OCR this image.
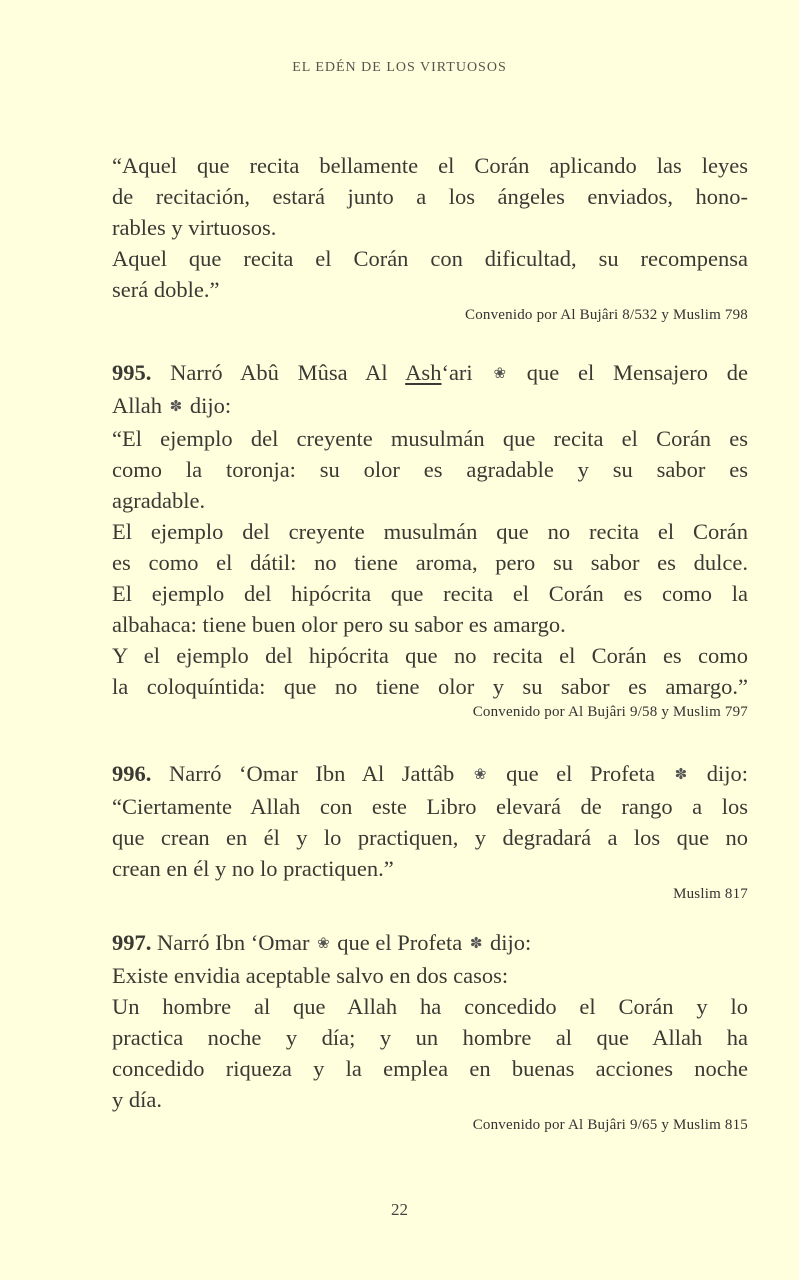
EL EDÉN DE LOS VIRTUOSOS
“Aquel que recita bellamente el Corán aplicando las leyes
de recitación, estará junto a los ángeles enviados, hono-
rables y virtuosos.
Aquel que recita el Corán con dificultad, su recompensa
será doble.”
Convenido por Al Bujâri 8/532 y Muslim 798
995. Narró Abû Mûsa Al Ash‘ari ❀ que el Mensajero de
Allah ✽ dijo:
“El ejemplo del creyente musulmán que recita el Corán es
como la toronja: su olor es agradable y su sabor es
agradable.
El ejemplo del creyente musulmán que no recita el Corán
es como el dátil: no tiene aroma, pero su sabor es dulce.
El ejemplo del hipócrita que recita el Corán es como la
albahaca: tiene buen olor pero su sabor es amargo.
Y el ejemplo del hipócrita que no recita el Corán es como
la coloquíntida: que no tiene olor y su sabor es amargo.”
Convenido por Al Bujâri 9/58 y Muslim 797
996. Narró ‘Omar Ibn Al Jattâb ❀ que el Profeta ✽ dijo:
“Ciertamente Allah con este Libro elevará de rango a los
que crean en él y lo practiquen, y degradará a los que no
crean en él y no lo practiquen.”
Muslim 817
997. Narró Ibn ‘Omar ❀ que el Profeta ✽ dijo:
Existe envidia aceptable salvo en dos casos:
Un hombre al que Allah ha concedido el Corán y lo
practica noche y día; y un hombre al que Allah ha
concedido riqueza y la emplea en buenas acciones noche
y día.
Convenido por Al Bujâri 9/65 y Muslim 815
22
